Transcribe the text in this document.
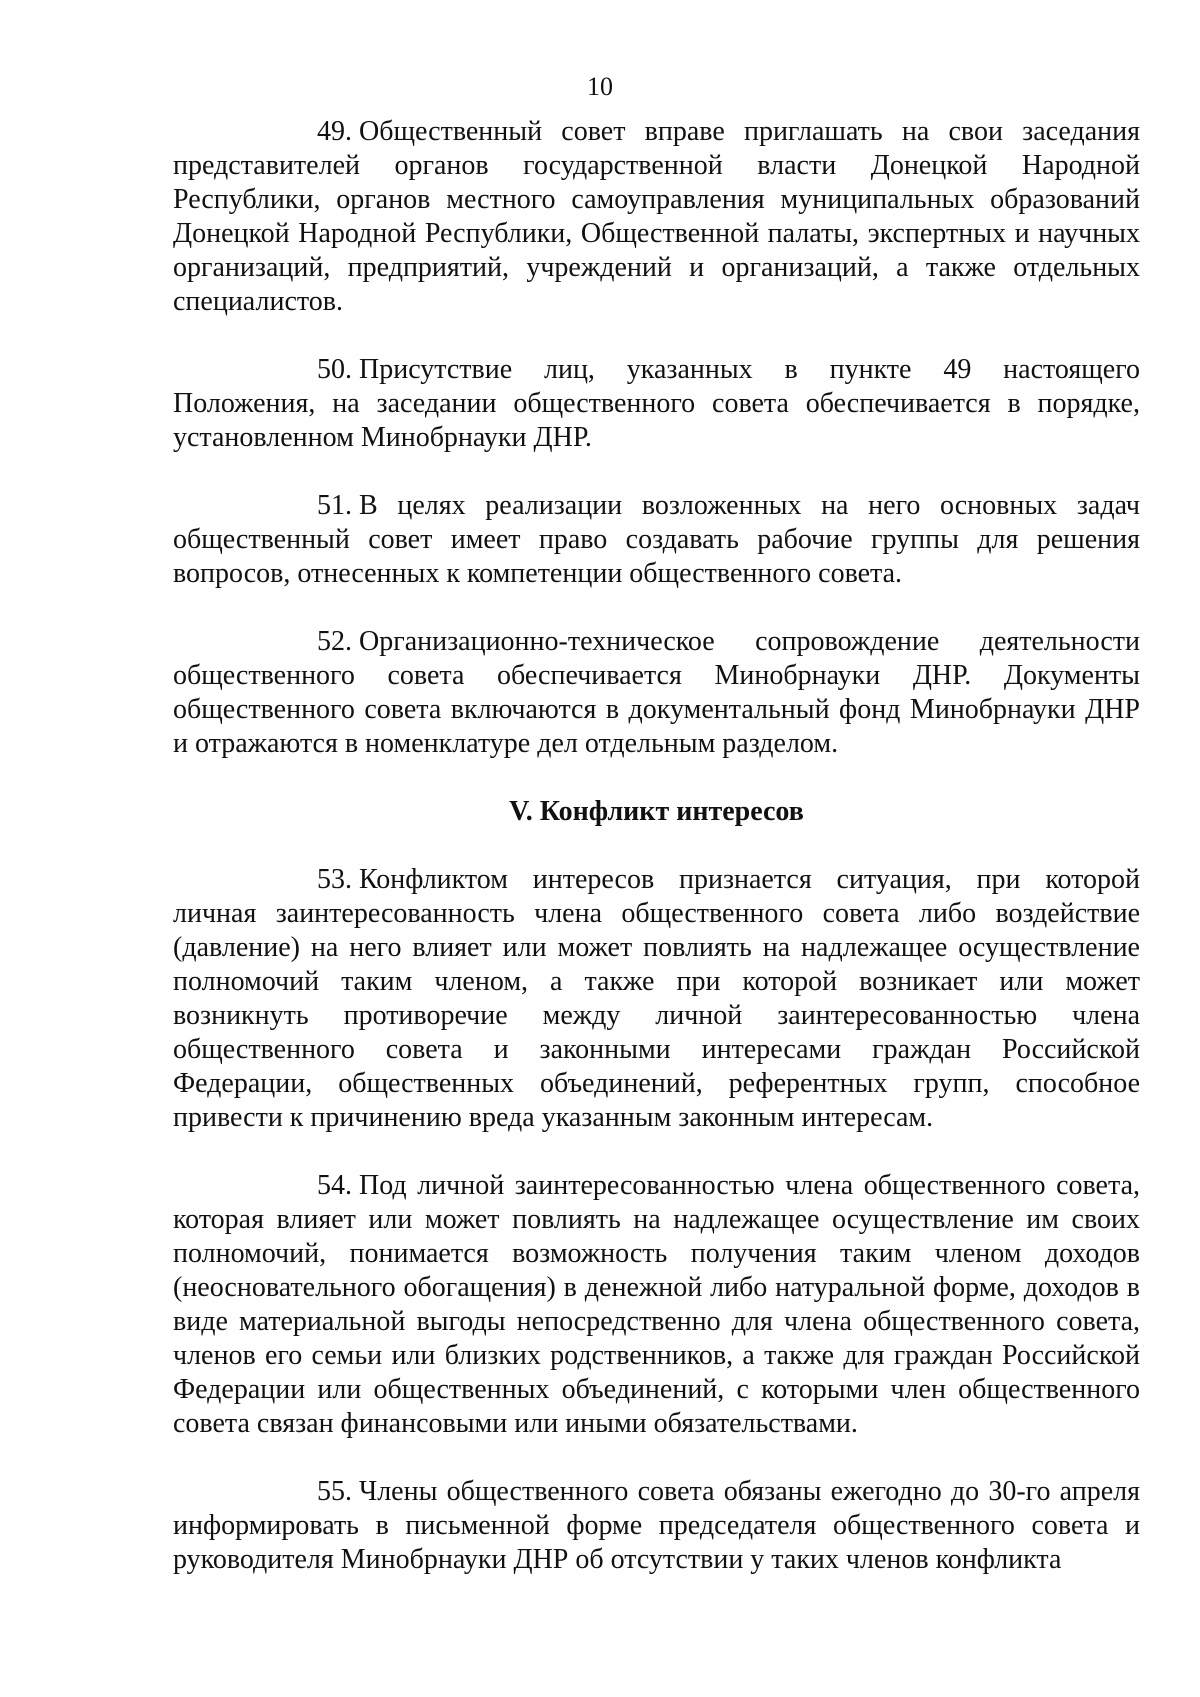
10

49. Общественный совет вправе приглашать на свои заседания представителей органов государственной власти Донецкой Народной Республики, органов местного самоуправления муниципальных образований Донецкой Народной Республики, Общественной палаты, экспертных и научных организаций, предприятий, учреждений и организаций, а также отдельных специалистов.

50. Присутствие лиц, указанных в пункте 49 настоящего Положения, на заседании общественного совета обеспечивается в порядке, установленном Минобрнауки ДНР.

51. В целях реализации возложенных на него основных задач общественный совет имеет право создавать рабочие группы для решения вопросов, отнесенных к компетенции общественного совета.

52. Организационно-техническое сопровождение деятельности общественного совета обеспечивается Минобрнауки ДНР. Документы общественного совета включаются в документальный фонд Минобрнауки ДНР и отражаются в номенклатуре дел отдельным разделом.

V. Конфликт интересов

53. Конфликтом интересов признается ситуация, при которой личная заинтересованность члена общественного совета либо воздействие (давление) на него влияет или может повлиять на надлежащее осуществление полномочий таким членом, а также при которой возникает или может возникнуть противоречие между личной заинтересованностью члена общественного совета и законными интересами граждан Российской Федерации, общественных объединений, референтных групп, способное привести к причинению вреда указанным законным интересам.

54. Под личной заинтересованностью члена общественного совета, которая влияет или может повлиять на надлежащее осуществление им своих полномочий, понимается возможность получения таким членом доходов (неосновательного обогащения) в денежной либо натуральной форме, доходов в виде материальной выгоды непосредственно для члена общественного совета, членов его семьи или близких родственников, а также для граждан Российской Федерации или общественных объединений, с которыми член общественного совета связан финансовыми или иными обязательствами.

55. Члены общественного совета обязаны ежегодно до 30-го апреля информировать в письменной форме председателя общественного совета и руководителя Минобрнауки ДНР об отсутствии у таких членов конфликта
